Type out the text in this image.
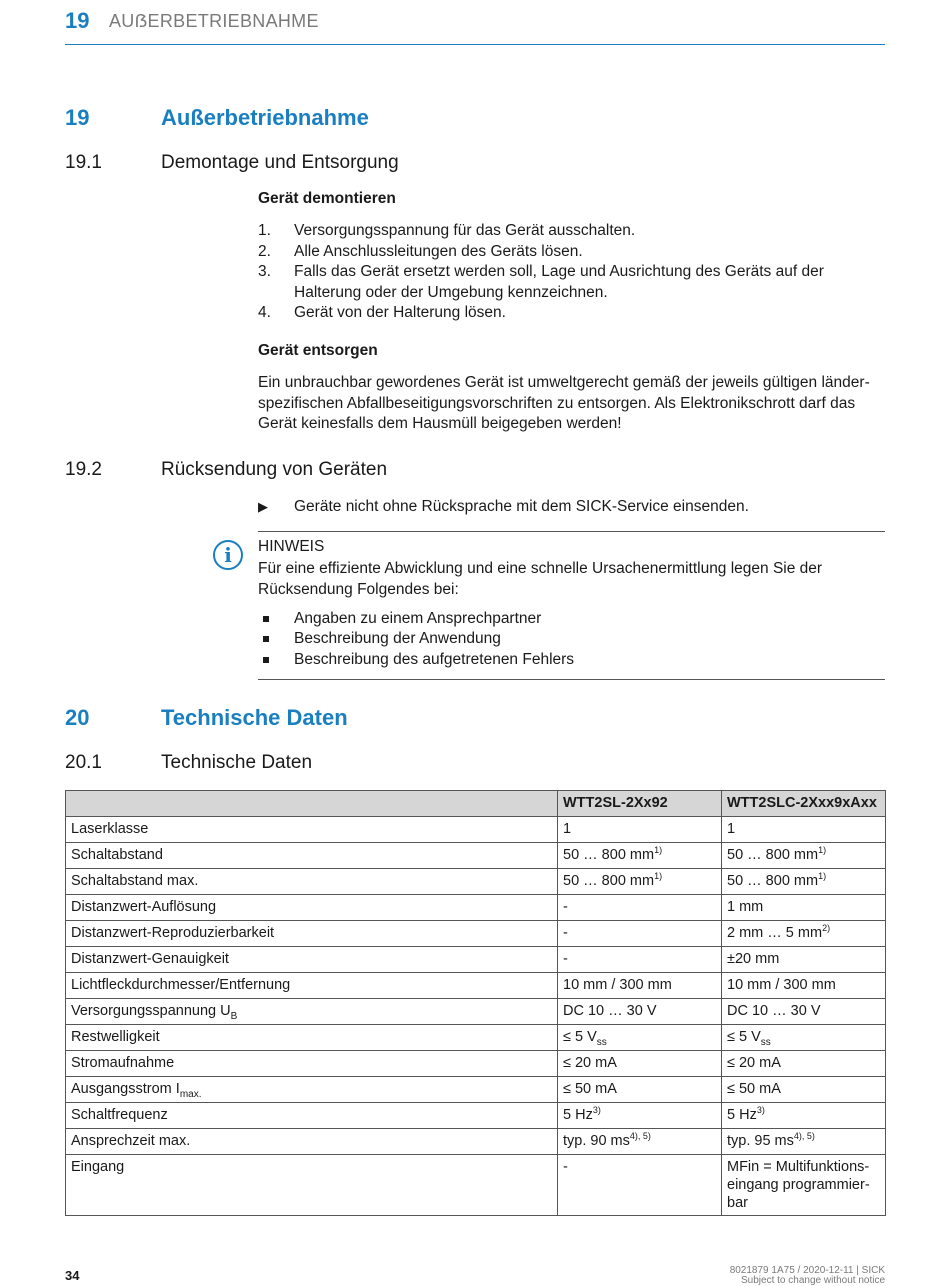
19 AUẞERBETRIEBNAHME
19	Außerbetriebnahme
19.1	Demontage und Entsorgung
Gerät demontieren
1. Versorgungsspannung für das Gerät ausschalten.
2. Alle Anschlussleitungen des Geräts lösen.
3. Falls das Gerät ersetzt werden soll, Lage und Ausrichtung des Geräts auf der Halterung oder der Umgebung kennzeichnen.
4. Gerät von der Halterung lösen.
Gerät entsorgen
Ein unbrauchbar gewordenes Gerät ist umweltgerecht gemäß der jeweils gültigen länderspezifischen Abfallbeseitigungsvorschriften zu entsorgen. Als Elektronikschrott darf das Gerät keinesfalls dem Hausmüll beigegeben werden!
19.2	Rücksendung von Geräten
▶ Geräte nicht ohne Rücksprache mit dem SICK-Service einsenden.
i	HINWEIS
Für eine effiziente Abwicklung und eine schnelle Ursachenermittlung legen Sie der Rücksendung Folgendes bei:
Angaben zu einem Ansprechpartner
Beschreibung der Anwendung
Beschreibung des aufgetretenen Fehlers
20	Technische Daten
20.1	Technische Daten
	WTT2SL-2Xx92	WTT2SLC-2Xxx9xAxx
Laserklasse	1	1
Schaltabstand	50 … 800 $mm^{1)}$	50 … 800 $mm^{1)}$
Schaltabstand max.	50 … 800 $mm^{1)}$	50 … 800 $mm^{1)}$
Distanzwert-Auflösung	-	1 mm
Distanzwert-Reproduzierbarkeit	-	2 mm … 5 $mm^{2)}$
Distanzwert-Genauigkeit	-	±20 mm
Lichtfleckdurchmesser/Entfernung	10 mm / 300 mm	10 mm / 300 mm
Versorgungsspannung $U_B$	DC 10 … 30 V	DC 10 … 30 V
Restwelligkeit	≤ 5 $V_{ss}$	≤ 5 $V_{ss}$
Stromaufnahme	≤ 20 mA	≤ 20 mA
Ausgangsstrom $I_{max.}$	≤ 50 mA	≤ 50 mA
Schaltfrequenz	5 Hz$^{3)}$	5 Hz$^{3)}$
Ansprechzeit max.	typ. 90 $ms^{4), 5)}$	typ. 95 $ms^{4), 5)}$
Eingang	-	MFin = Multifunktionseingang programmierbar
34	8021879 1A75 / 2020-12-11 | SICK
Subject to change without notice
